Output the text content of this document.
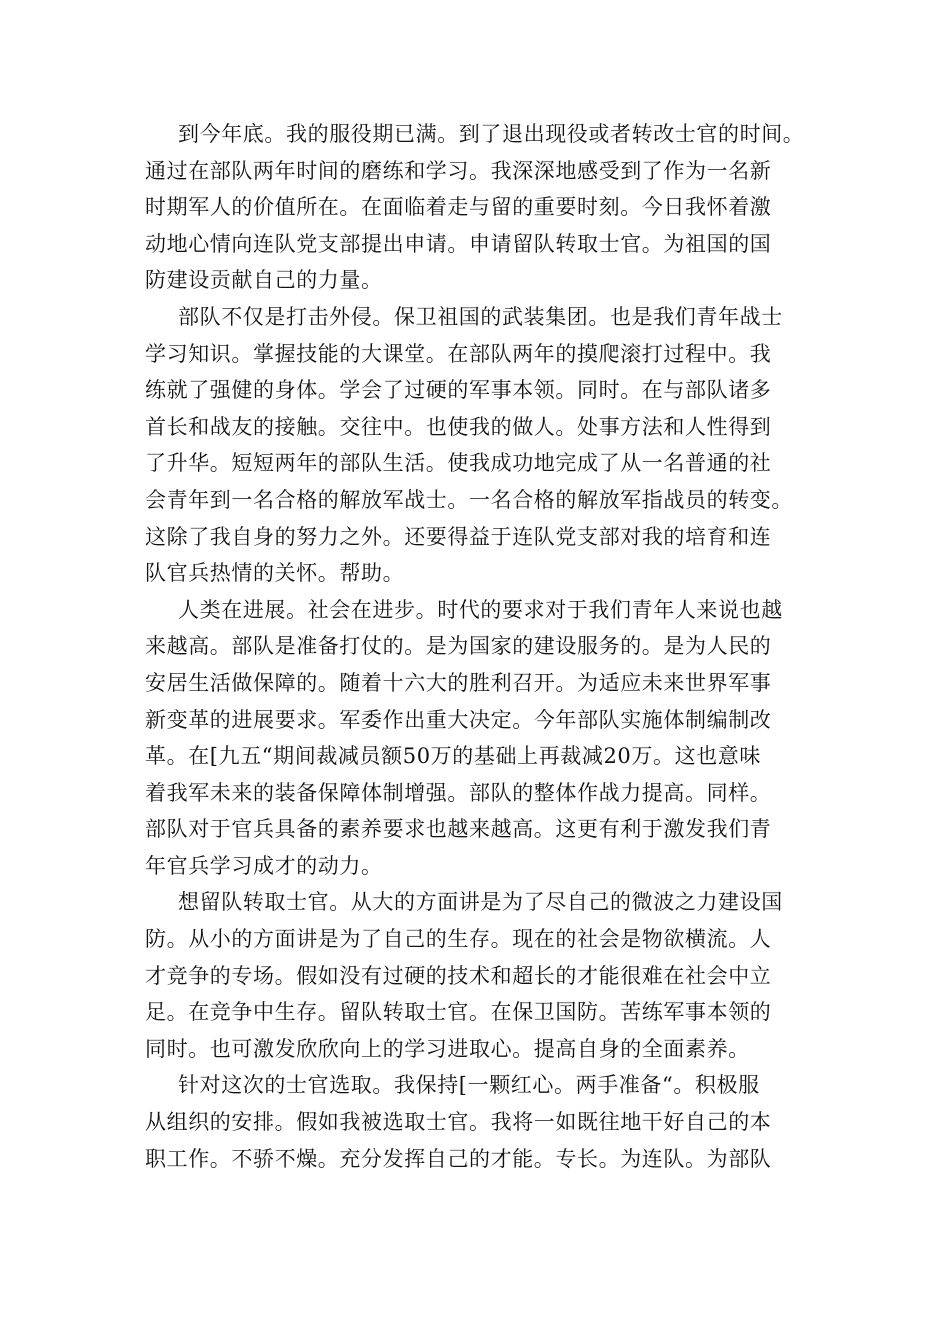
到今年底。我的服役期已满。到了退出现役或者转改士官的时间。
通过在部队两年时间的磨练和学习。我深深地感受到了作为一名新
时期军人的价值所在。在面临着走与留的重要时刻。今日我怀着激
动地心情向连队党支部提出申请。申请留队转取士官。为祖国的国
防建设贡献自己的力量。
部队不仅是打击外侵。保卫祖国的武装集团。也是我们青年战士
学习知识。掌握技能的大课堂。在部队两年的摸爬滚打过程中。我
练就了强健的身体。学会了过硬的军事本领。同时。在与部队诸多
首长和战友的接触。交往中。也使我的做人。处事方法和人性得到
了升华。短短两年的部队生活。使我成功地完成了从一名普通的社
会青年到一名合格的解放军战士。一名合格的解放军指战员的转变。
这除了我自身的努力之外。还要得益于连队党支部对我的培育和连
队官兵热情的关怀。帮助。
人类在进展。社会在进步。时代的要求对于我们青年人来说也越
来越高。部队是准备打仗的。是为国家的建设服务的。是为人民的
安居生活做保障的。随着十六大的胜利召开。为适应未来世界军事
新变革的进展要求。军委作出重大决定。今年部队实施体制编制改
革。在[九五“期间裁减员额50万的基础上再裁减20万。这也意味
着我军未来的装备保障体制增强。部队的整体作战力提高。同样。
部队对于官兵具备的素养要求也越来越高。这更有利于激发我们青
年官兵学习成才的动力。
想留队转取士官。从大的方面讲是为了尽自己的微波之力建设国
防。从小的方面讲是为了自己的生存。现在的社会是物欲横流。人
才竞争的专场。假如没有过硬的技术和超长的才能很难在社会中立
足。在竞争中生存。留队转取士官。在保卫国防。苦练军事本领的
同时。也可激发欣欣向上的学习进取心。提高自身的全面素养。
针对这次的士官选取。我保持[一颗红心。两手准备“。积极服
从组织的安排。假如我被选取士官。我将一如既往地干好自己的本
职工作。不骄不燥。充分发挥自己的才能。专长。为连队。为部队
